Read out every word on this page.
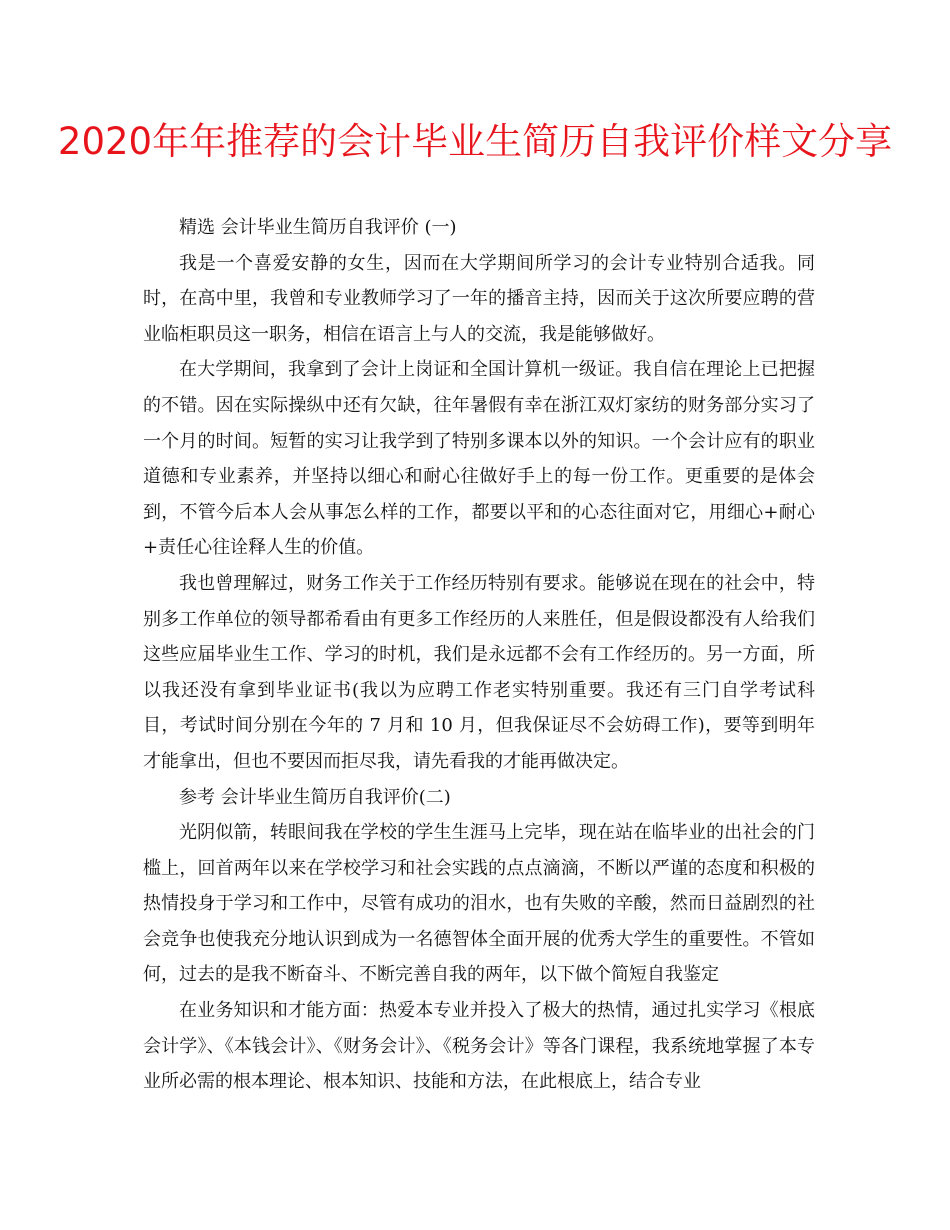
2020年年推荐的会计毕业生简历自我评价样文分享

精选 会计毕业生简历自我评价 (一)

我是一个喜爱安静的女生，因而在大学期间所学习的会计专业特别合适我。同时，在高中里，我曾和专业教师学习了一年的播音主持，因而关于这次所要应聘的营业临柜职员这一职务，相信在语言上与人的交流，我是能够做好。

在大学期间，我拿到了会计上岗证和全国计算机一级证。我自信在理论上已把握的不错。因在实际操纵中还有欠缺，往年暑假有幸在浙江双灯家纺的财务部分实习了一个月的时间。短暂的实习让我学到了特别多课本以外的知识。一个会计应有的职业道德和专业素养，并坚持以细心和耐心往做好手上的每一份工作。更重要的是体会到，不管今后本人会从事怎么样的工作，都要以平和的心态往面对它，用细心+耐心+责任心往诠释人生的价值。

我也曾理解过，财务工作关于工作经历特别有要求。能够说在现在的社会中，特别多工作单位的领导都希看由有更多工作经历的人来胜任，但是假设都没有人给我们这些应届毕业生工作、学习的时机，我们是永远都不会有工作经历的。另一方面，所以我还没有拿到毕业证书(我以为应聘工作老实特别重要。我还有三门自学考试科目，考试时间分别在今年的 7 月和 10 月，但我保证尽不会妨碍工作)，要等到明年才能拿出，但也不要因而拒尽我，请先看我的才能再做决定。

参考 会计毕业生简历自我评价(二)

光阴似箭，转眼间我在学校的学生生涯马上完毕，现在站在临毕业的出社会的门槛上，回首两年以来在学校学习和社会实践的点点滴滴，不断以严谨的态度和积极的热情投身于学习和工作中，尽管有成功的泪水，也有失败的辛酸，然而日益剧烈的社会竞争也使我充分地认识到成为一名德智体全面开展的优秀大学生的重要性。不管如何，过去的是我不断奋斗、不断完善自我的两年，以下做个简短自我鉴定

在业务知识和才能方面：热爱本专业并投入了极大的热情，通过扎实学习《根底会计学》、《本钱会计》、《财务会计》、《税务会计》等各门课程，我系统地掌握了本专业所必需的根本理论、根本知识、技能和方法，在此根底上，结合专业
